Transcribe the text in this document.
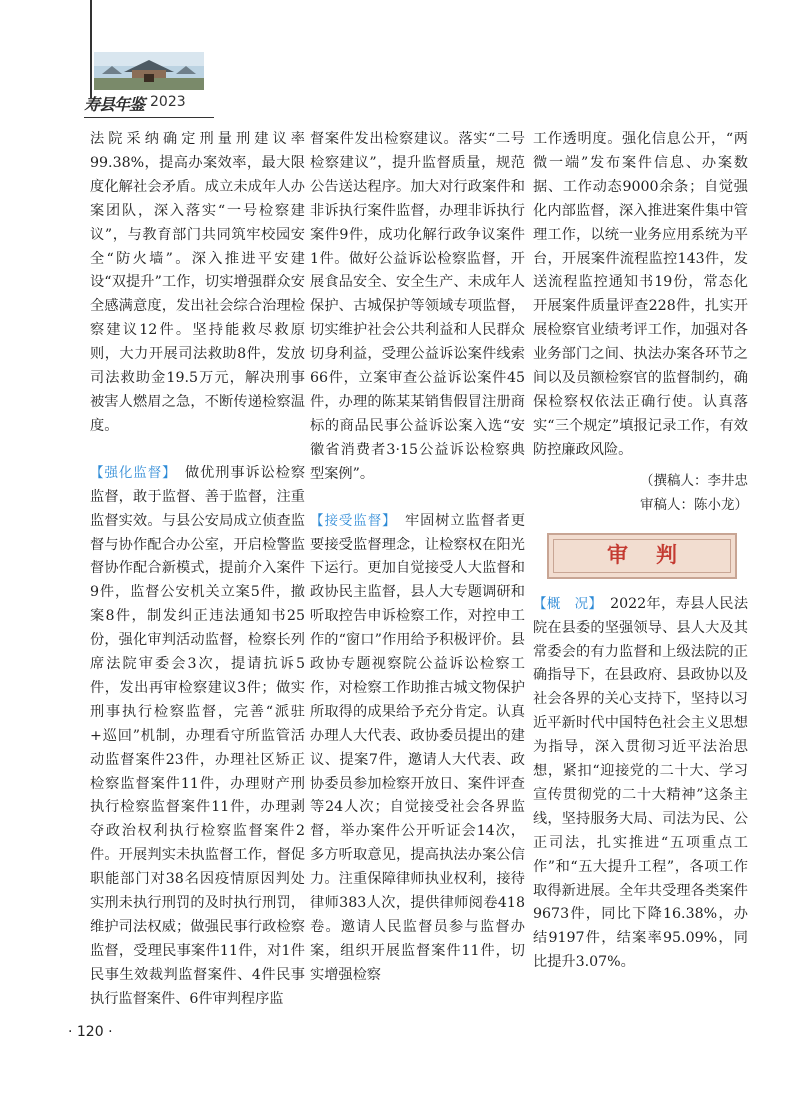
寿县年鉴 2023

法院采纳确定刑量刑建议率99.38%，提高办案效率，最大限度化解社会矛盾。成立未成年人办案团队，深入落实“一号检察建议”，与教育部门共同筑牢校园安全“防火墙”。深入推进平安建设“双提升”工作，切实增强群众安全感满意度，发出社会综合治理检察建议12件。坚持能救尽救原则，大力开展司法救助8件，发放司法救助金19.5万元，解决刑事被害人燃眉之急，不断传递检察温度。

【强化监督】　 做优刑事诉讼检察监督，敢于监督、善于监督，注重监督实效。与县公安局成立侦查监督与协作配合办公室，开启检警监督协作配合新模式，提前介入案件9件，监督公安机关立案5件，撤案8件，制发纠正违法通知书25份，强化审判活动监督，检察长列席法院审委会3次，提请抗诉5件，发出再审检察建议3件；做实刑事执行检察监督，完善“派驻+巡回”机制，办理看守所监管活动监督案件23件，办理社区矫正检察监督案件11件，办理财产刑执行检察监督案件11件，办理剥夺政治权利执行检察监督案件2件。开展判实未执监督工作，督促职能部门对38名因疫情原因判处实刑未执行刑罚的及时执行刑罚，维护司法权威；做强民事行政检察监督，受理民事案件11件，对1件民事生效裁判监督案件、4件民事执行监督案件、6件审判程序监

督案件发出检察建议。落实“二号检察建议”，提升监督质量，规范公告送达程序。加大对行政案件和非诉执行案件监督，办理非诉执行案件9件，成功化解行政争议案件1件。做好公益诉讼检察监督，开展食品安全、安全生产、未成年人保护、古城保护等领域专项监督，切实维护社会公共利益和人民群众切身利益，受理公益诉讼案件线索66件，立案审查公益诉讼案件45件，办理的陈某某销售假冒注册商标的商品民事公益诉讼案入选“安徽省消费者3·15公益诉讼检察典型案例”。

【接受监督】　 牢固树立监督者更要接受监督理念，让检察权在阳光下运行。更加自觉接受人大监督和政协民主监督，县人大专题调研和听取控告申诉检察工作，对控申工作的“窗口”作用给予积极评价。县政协专题视察院公益诉讼检察工作，对检察工作助推古城文物保护所取得的成果给予充分肯定。认真办理人大代表、政协委员提出的建议、提案7件，邀请人大代表、政协委员参加检察开放日、案件评查等24人次；自觉接受社会各界监督，举办案件公开听证会14次，多方听取意见，提高执法办案公信力。注重保障律师执业权利，接待律师383人次，提供律师阅卷418卷。邀请人民监督员参与监督办案，组织开展监督案件11件，切实增强检察

工作透明度。强化信息公开，“两微一端”发布案件信息、办案数据、工作动态9000余条；自觉强化内部监督，深入推进案件集中管理工作，以统一业务应用系统为平台，开展案件流程监控143件，发送流程监控通知书19份，常态化开展案件质量评查228件，扎实开展检察官业绩考评工作，加强对各业务部门之间、执法办案各环节之间以及员额检察官的监督制约，确保检察权依法正确行使。认真落实“三个规定”填报记录工作，有效防控廉政风险。

（撰稿人：李井忠
审稿人：陈小龙）
审判

【概　况】　 2022年，寿县人民法院在县委的坚强领导、县人大及其常委会的有力监督和上级法院的正确指导下，在县政府、县政协以及社会各界的关心支持下，坚持以习近平新时代中国特色社会主义思想为指导，深入贯彻习近平法治思想，紧扣“迎接党的二十大、学习宣传贯彻党的二十大精神”这条主线，坚持服务大局、司法为民、公正司法，扎实推进“五项重点工作”和“五大提升工程”，各项工作取得新进展。全年共受理各类案件9673件，同比下降16.38%，办结9197件，结案率95.09%，同比提升3.07%。

· 120 ·
